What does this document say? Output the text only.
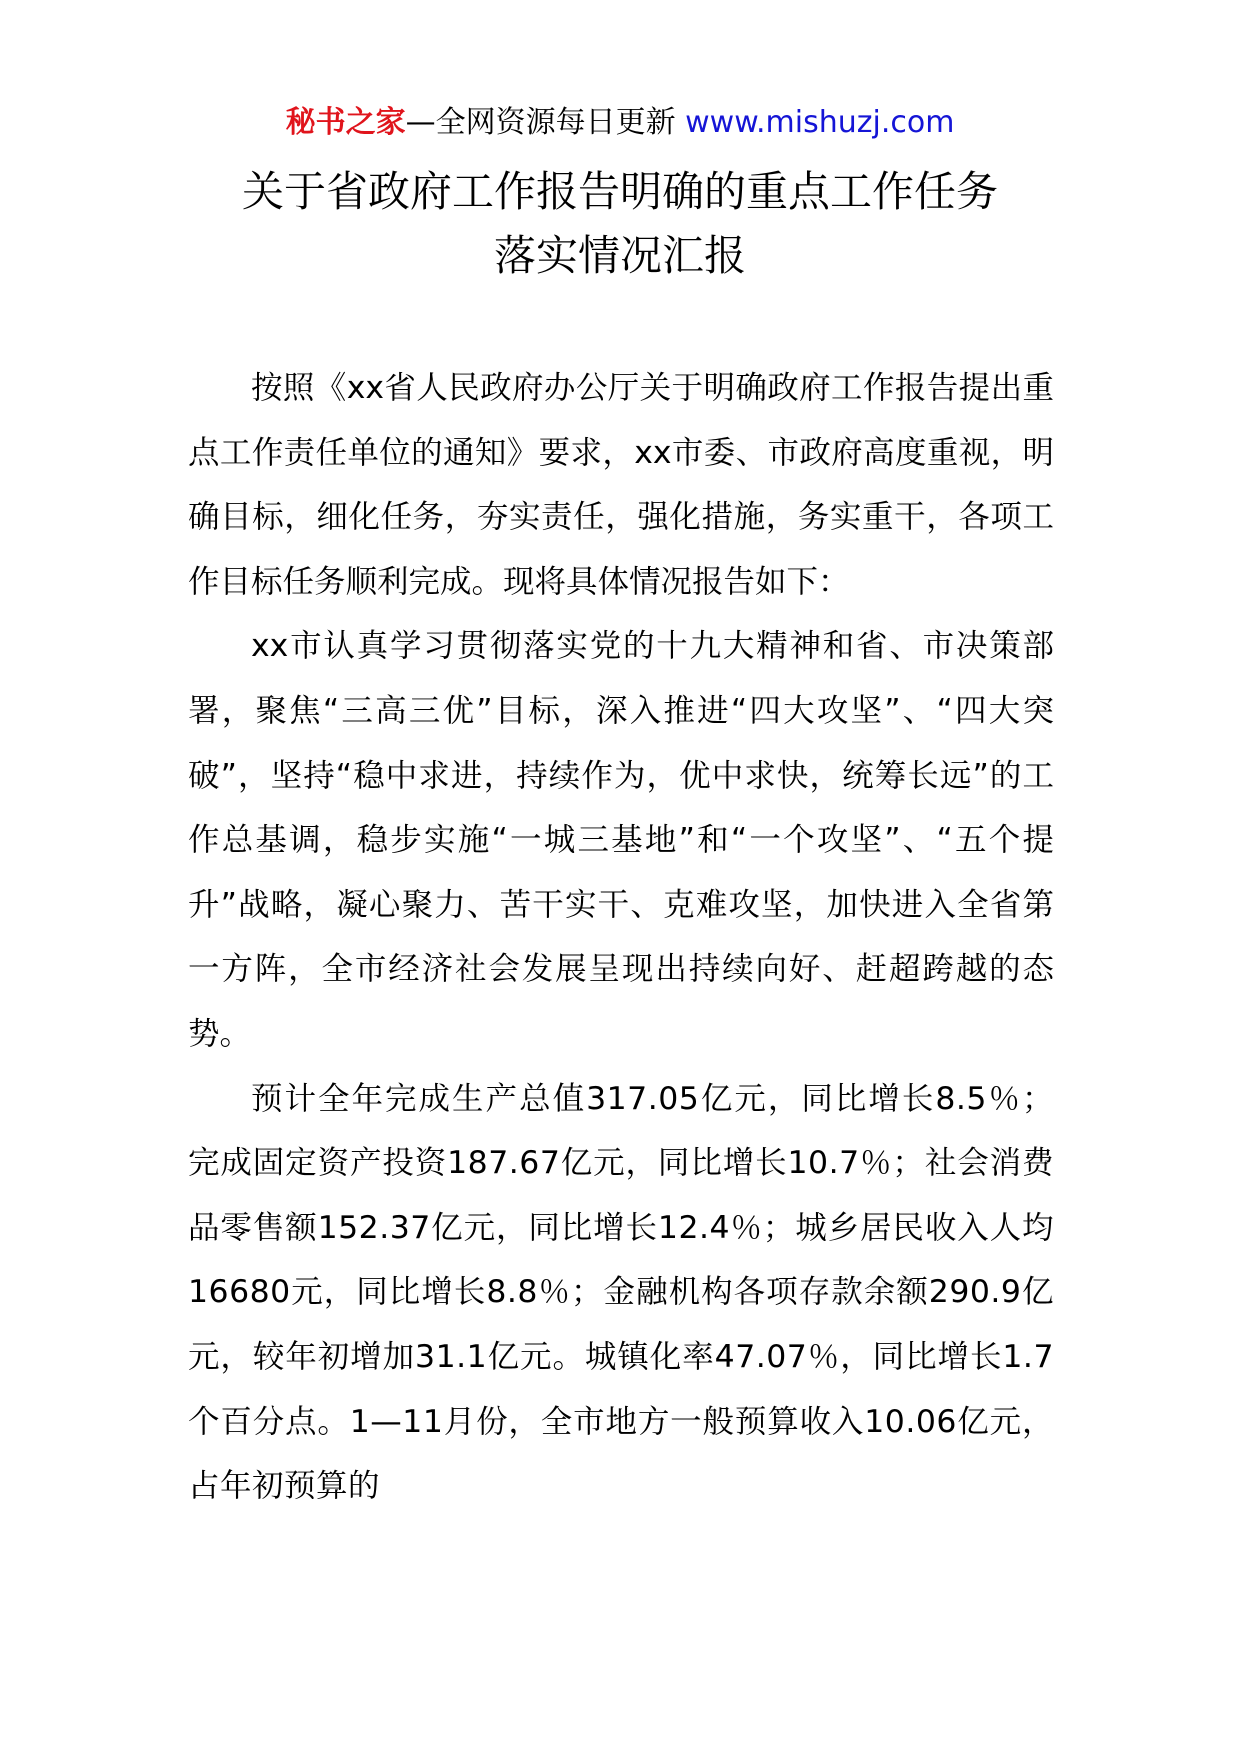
秘书之家—全网资源每日更新 www.mishuzj.com
关于省政府工作报告明确的重点工作任务
落实情况汇报

按照《xx省人民政府办公厅关于明确政府工作报告提出重点工作责任单位的通知》要求，xx市委、市政府高度重视，明确目标，细化任务，夯实责任，强化措施，务实重干，各项工作目标任务顺利完成。现将具体情况报告如下：

xx市认真学习贯彻落实党的十九大精神和省、市决策部署，聚焦“三高三优”目标，深入推进“四大攻坚”、“四大突破”，坚持“稳中求进，持续作为，优中求快，统筹长远”的工作总基调，稳步实施“一城三基地”和“一个攻坚”、“五个提升”战略，凝心聚力、苦干实干、克难攻坚，加快进入全省第一方阵，全市经济社会发展呈现出持续向好、赶超跨越的态势。

预计全年完成生产总值317.05亿元，同比增长8.5％；完成固定资产投资187.67亿元，同比增长10.7％；社会消费品零售额152.37亿元，同比增长12.4％；城乡居民收入人均16680元，同比增长8.8％；金融机构各项存款余额290.9亿元，较年初增加31.1亿元。城镇化率47.07％，同比增长1.7个百分点。1—11月份，全市地方一般预算收入10.06亿元，占年初预算的
